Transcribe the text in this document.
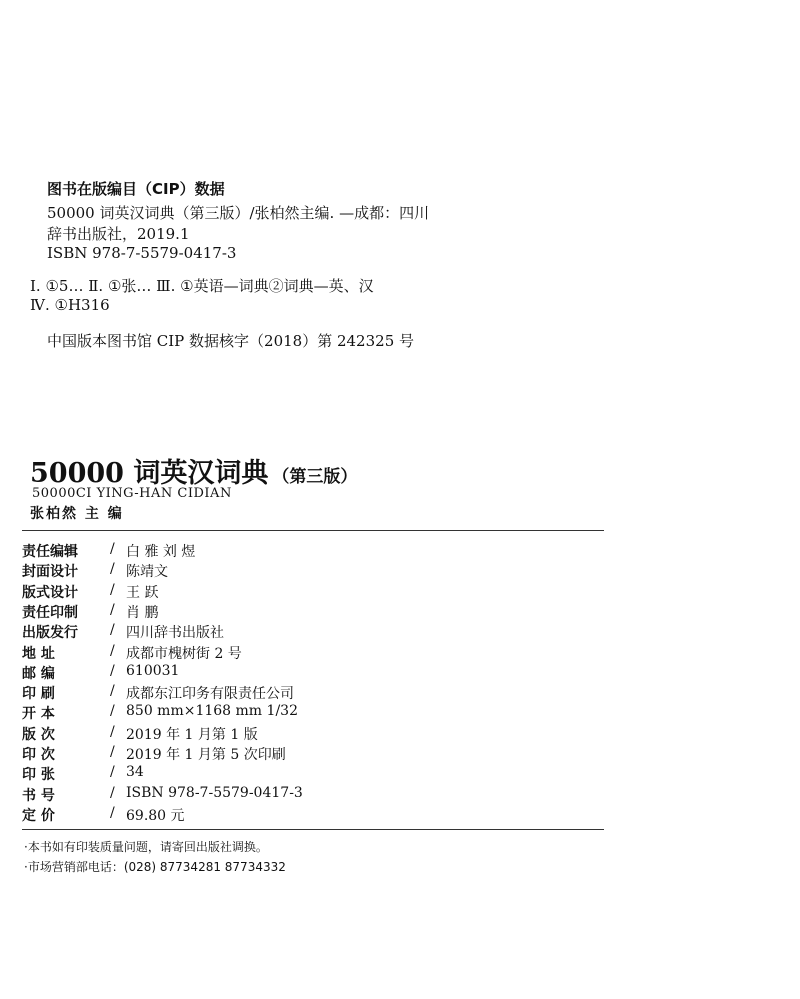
图书在版编目（CIP）数据
50000 词英汉词典（第三版）/张柏然主编. —成都：四川
辞书出版社，2019.1
ISBN 978-7-5579-0417-3
Ⅰ. ①5… Ⅱ. ①张… Ⅲ. ①英语—词典②词典—英、汉
Ⅳ. ①H316
中国版本图书馆 CIP 数据核字（2018）第 242325 号
50000 词英汉词典 （第三版）
50000CI YING-HAN CIDIAN
张柏然 主 编
责任编辑 / 白 雅 刘 煜
封面设计 / 陈靖文
版式设计 / 王 跃
责任印制 / 肖 鹏
出版发行 / 四川辞书出版社
地 址	/ 成都市槐树街 2 号
邮 编	/ 610031
印 刷	/ 成都东江印务有限责任公司
开 本	/ 850 mm×1168 mm 1/32
版 次	/ 2019 年 1 月第 1 版
印 次	/ 2019 年 1 月第 5 次印刷
印 张	/ 34
书 号	/ ISBN 978-7-5579-0417-3
定 价	/ 69.80 元
·本书如有印装质量问题，请寄回出版社调换。
·市场营销部电话：(028) 87734281 87734332
